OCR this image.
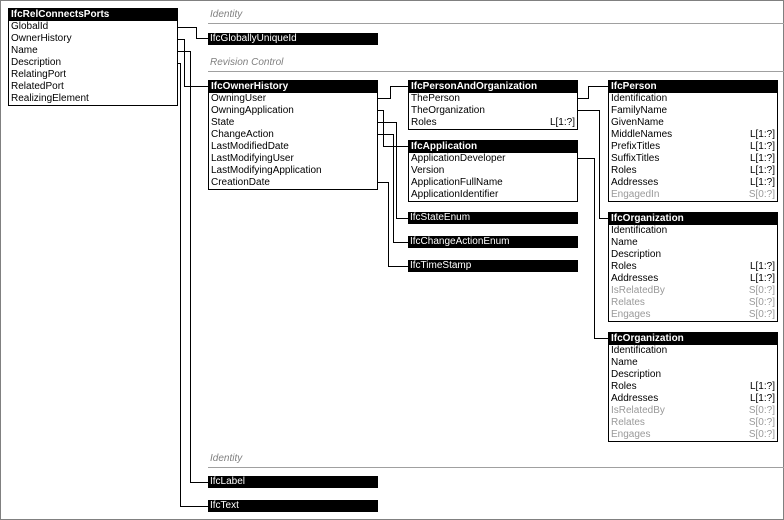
Identity
Revision Control
Identity
IfcRelConnectsPorts
GlobalId
OwnerHistory
Name
Description
RelatingPort
RelatedPort
RealizingElement
IfcGloballyUniqueId
IfcOwnerHistory
OwningUser
OwningApplication
State
ChangeAction
LastModifiedDate
LastModifyingUser
LastModifyingApplication
CreationDate
IfcPersonAndOrganization
ThePerson
TheOrganization
Roles	L[1:?]
IfcApplication
ApplicationDeveloper
Version
ApplicationFullName
ApplicationIdentifier
IfcStateEnum
IfcChangeActionEnum
IfcTimeStamp
IfcPerson
Identification
FamilyName
GivenName
MiddleNames	L[1:?]
PrefixTitles	L[1:?]
SuffixTitles	L[1:?]
Roles	L[1:?]
Addresses	L[1:?]
EngagedIn	S[0:?]
IfcOrganization
Identification
Name
Description
Roles	L[1:?]
Addresses	L[1:?]
IsRelatedBy	S[0:?]
Relates	S[0:?]
Engages	S[0:?]
IfcOrganization
Identification
Name
Description
Roles	L[1:?]
Addresses	L[1:?]
IsRelatedBy	S[0:?]
Relates	S[0:?]
Engages	S[0:?]
IfcLabel
IfcText
